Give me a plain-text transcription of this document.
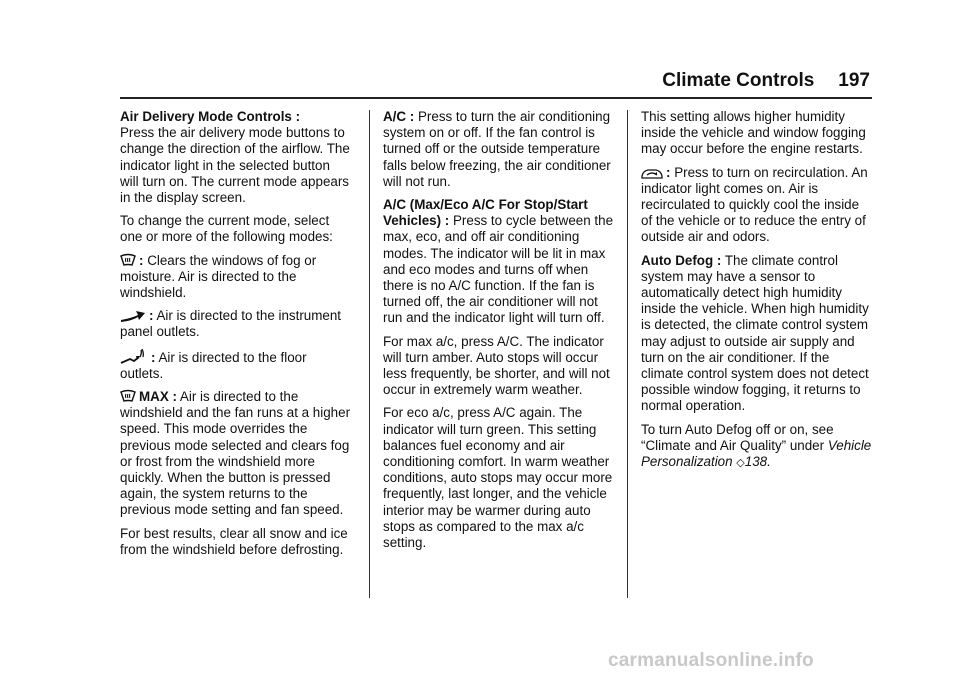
Climate Controls 197

Air Delivery Mode Controls :
Press the air delivery mode buttons to change the direction of the airflow. The indicator light in the selected button will turn on. The current mode appears in the display screen.

To change the current mode, select one or more of the following modes:

: Clears the windows of fog or moisture. Air is directed to the windshield.

: Air is directed to the instrument panel outlets.

: Air is directed to the floor outlets.

MAX : Air is directed to the windshield and the fan runs at a higher speed. This mode overrides the previous mode selected and clears fog or frost from the windshield more quickly. When the button is pressed again, the system returns to the previous mode setting and fan speed.

For best results, clear all snow and ice from the windshield before defrosting.

A/C : Press to turn the air conditioning system on or off. If the fan control is turned off or the outside temperature falls below freezing, the air conditioner will not run.

A/C (Max/Eco A/C For Stop/Start Vehicles) : Press to cycle between the max, eco, and off air conditioning modes. The indicator will be lit in max and eco modes and turns off when there is no A/C function. If the fan is turned off, the air conditioner will not run and the indicator light will turn off.

For max a/c, press A/C. The indicator will turn amber. Auto stops will occur less frequently, be shorter, and will not occur in extremely warm weather.

For eco a/c, press A/C again. The indicator will turn green. This setting balances fuel economy and air conditioning comfort. In warm weather conditions, auto stops may occur more frequently, last longer, and the vehicle interior may be warmer during auto stops as compared to the max a/c setting.

This setting allows higher humidity inside the vehicle and window fogging may occur before the engine restarts.

: Press to turn on recirculation. An indicator light comes on. Air is recirculated to quickly cool the inside of the vehicle or to reduce the entry of outside air and odors.

Auto Defog : The climate control system may have a sensor to automatically detect high humidity inside the vehicle. When high humidity is detected, the climate control system may adjust to outside air supply and turn on the air conditioner. If the climate control system does not detect possible window fogging, it returns to normal operation.

To turn Auto Defog off or on, see “Climate and Air Quality” under Vehicle Personalization ◇138.

carmanualsonline.info
